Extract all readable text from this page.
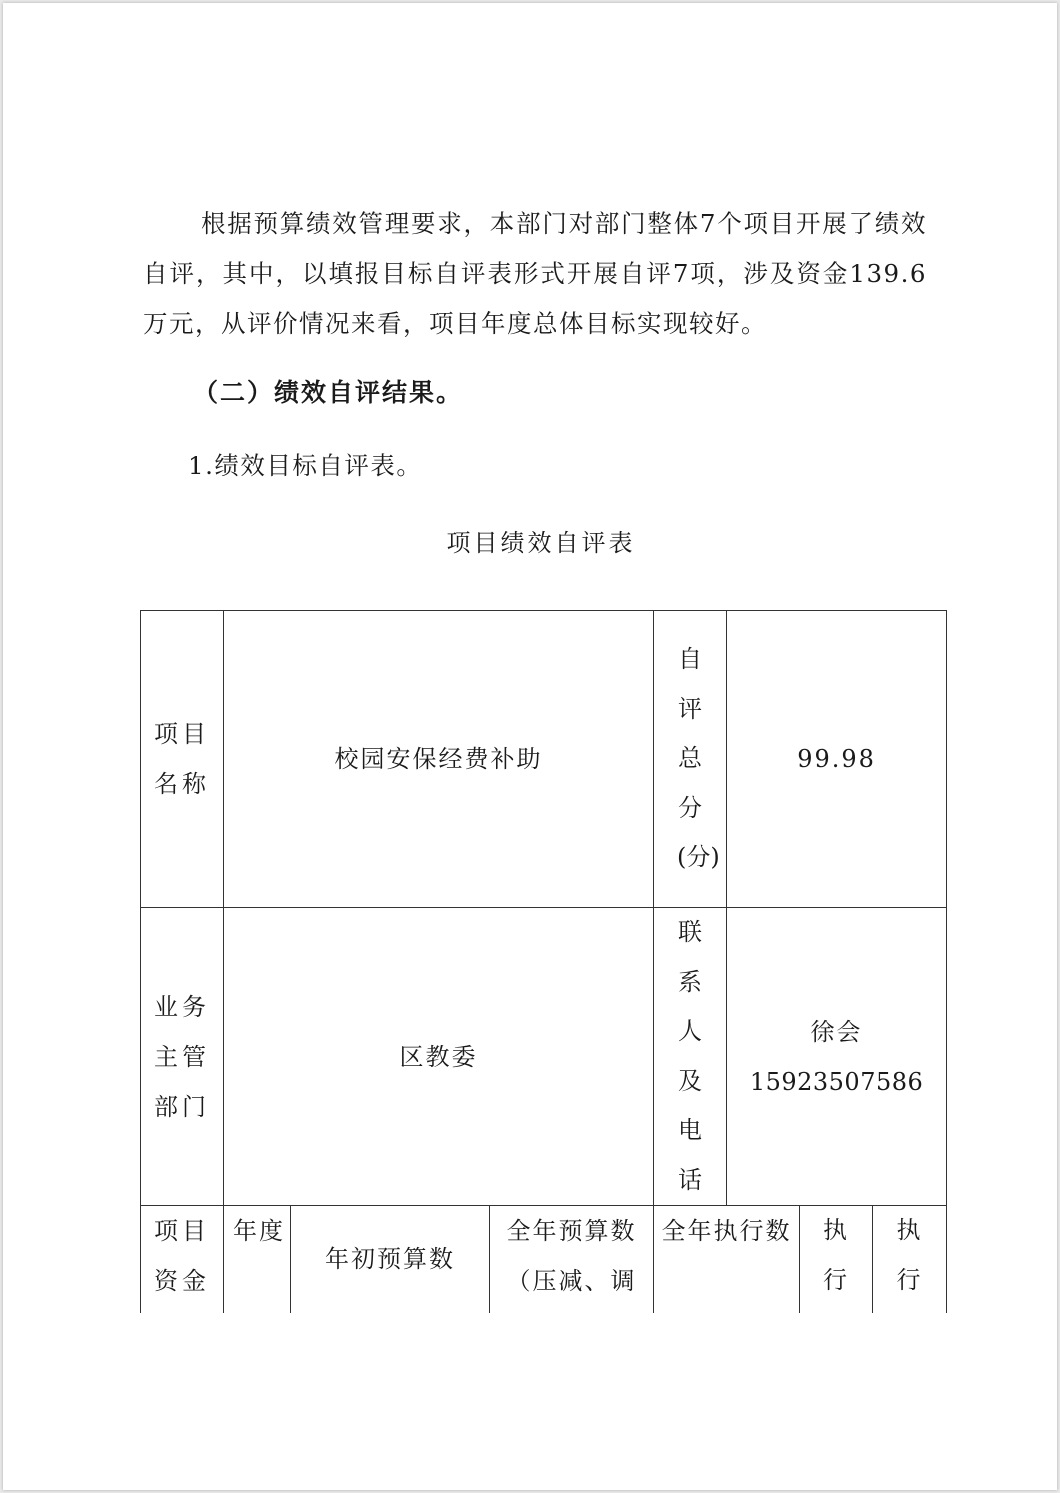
根据预算绩效管理要求，本部门对部门整体7个项目开展了绩效自评，其中，以填报目标自评表形式开展自评7项，涉及资金139.6万元，从评价情况来看，项目年度总体目标实现较好。

（二）绩效自评结果。
1.绩效目标自评表。
项目绩效自评表
项目名称	校园安保经费补助			自评总分(分)	99.98		

业务主管部门	区教委			联系人及电话	徐会
15923507586		

项目资金	年度	年初预算数	全年预算数（压减、调	全年执行数		执行	执行
